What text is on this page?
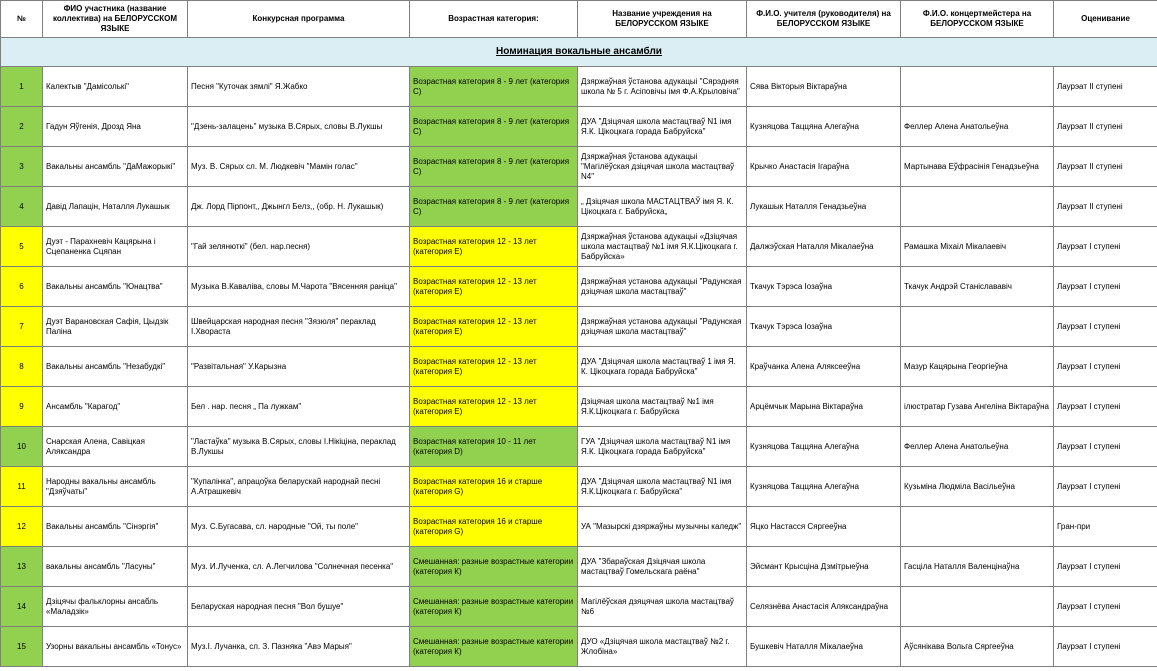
№	ФИО участника (название коллектива) на БЕЛОРУССКОМ ЯЗЫКЕ	Конкурсная программа	Возрастная категория:	Название учреждения на БЕЛОРУССКОМ ЯЗЫКЕ	Ф.И.О. учителя (руководителя) на БЕЛОРУССКОМ ЯЗЫКЕ	Ф.И.О. концертмейстера на БЕЛОРУССКОМ ЯЗЫКЕ	Оценивание
Номинация вокальные ансамбли							
1	Калектыв "Дамісолькі"	Песня "Куточак зямлі" Я.Жабко	Возрастная категория 8 - 9 лет (категория С)	Дзяржаўная ўстанова адукацыі "Сярэдняя школа № 5 г. Асіповічы імя Ф.А.Крыловіча"	Сява Вікторыя Віктараўна		Лаурэат ІІ ступені
2	Гадун Яўгенія, Дрозд Яна	"Дзень-залацень" музыка В.Сярых, словы В.Лукшы	Возрастная категория 8 - 9 лет (категория С)	ДУА "Дзіцячая школа мастацтваў N1 імя Я.К. Цікоцкага горада Бабруйска"	Кузняцова Таццяна Алегаўна	Феллер Алена Анатольеўна	Лаурэат ІІ ступені
3	Вакальны ансамбль "ДаМажорыкі"	Муз. В. Сярых сл. М. Людкевіч "Мамін голас"	Возрастная категория 8 - 9 лет (категория С)	Дзяржаўная ўстанова адукацыі "Магілёўская дзіцячая школа мастацтваў N4"	Крычко Анастасія Ігараўна	Мартынава Еўфрасінія Генадзьеўна	Лаурэат ІІ ступені
4	Давід Лапацін, Наталля Лукашык	Дж. Лорд Пірпонт,, Джынгл Белз,, (обр. Н. Лукашык)	Возрастная категория 8 - 9 лет (категория С)	„ Дзіцячая школа МАСТАЦТВАЎ імя Я. К. Цікоцкага г. Бабруйска„	Лукашык Наталля Генадзьеўна		Лаурэат ІІ ступені
5	Дуэт - Парахневіч Кацярына і Сцепаненка Сцяпан	"Гай зелянюткі" (бел. нар.песня)	Возрастная категория 12 - 13 лет (категория Е)	Дзяржаўная ўстанова адукацыі «Дзіцячая школа мастацтваў №1 імя Я.К.Цікоцкага г. Бабруйска»	Далжэўская Наталля Мікалаеўна	Рамашка Міхаіл Мікалаевіч	Лаурэат І ступені
6	Вакальны ансамбль "Юнацтва"	Музыка В.Каваліва, словы М.Чарота "Вясенняя раніца"	Возрастная категория 12 - 13 лет (категория Е)	Дзяржаўная установа адукацыі "Радунская дзіцячая школа мастацтваў"	Ткачук Тэрэса Іозаўна	Ткачук Андрэй Станіслававіч	Лаурэат І ступені
7	Дуэт Варановская Сафія, Цыдзік Паліна	Швейцарская народная песня "Зязюля" пераклад І.Хвораста	Возрастная категория 12 - 13 лет (категория Е)	Дзяржаўная установа адукацыі "Радунская дзіцячая школа мастацтваў"	Ткачук Тэрэса Іозаўна		Лаурэат І ступені
8	Вакальны ансамбль "Незабудкі"	"Развітальная" У.Карызна	Возрастная категория 12 - 13 лет (категория Е)	ДУА "Дзіцячая школа мастацтваў 1 імя Я. К. Цікоцкага горада Бабруйска"	Краўчанка Алена Аляксееўна	Мазур Кацярына Георгіеўна	Лаурэат І ступені
9	Ансамбль "Карагод"	Бел . нар. песня „ Па лужкам"	Возрастная категория 12 - 13 лет (категория Е)	Дзіцячая школа мастацтваў №1 імя Я.К.Цікоцкага г. Бабруйска	Арцёмчык Марына Віктараўна	ілюстратар Гузава Ангеліна Віктараўна	Лаурэат І ступені
10	Снарская Алена, Савіцкая Аляксандра	"Ластаўка" музыка В.Сярых, словы І.Нікіціна, пераклад В.Лукшы	Возрастная категория 10 - 11 лет (категория D)	ГУА "Дзіцячая школа мастацтваў N1 імя Я.К. Цікоцкага горада Бабруйска"	Кузняцова Таццяна Алегаўна	Феллер Алена Анатольеўна	Лаурэат І ступені
11	Народны вакальны ансамбль "Дзяўчаты"	"Купалінка", апрацоўка беларускай народнай песні А.Атрашкевіч	Возрастная категория 16 и старше (категория G)	ДУА "Дзіцячая школа мастацтваў N1 імя Я.К.Цікоцкага г. Бабруйска"	Кузняцова Таццяна Алегаўна	Кузьміна Людміла Васільеўна	Лаурэат І ступені
12	Вакальны ансамбль "Сінэргія"	Муз. С.Бугасава, сл. народные "Ой, ты поле"	Возрастная категория 16 и старше (категория G)	УА "Мазырскі дзяржаўны музычны каледж"	Яцко Настасся Сяргееўна		Гран-при
13	вакальны ансамбль "Ласуны"	Муз. И.Лученка, сл. А.Легчилова "Солнечная песенка"	Смешанная: разные возрастные категории (категория К)	ДУА "Збараўская Дзіцячая школа мастацтваў Гомельскага раёна"	Эйсмант Крысціна Дзмітрыеўна	Гасціла Наталля Валенцінаўна	Лаурэат І ступені
14	Дзіцячы фальклорны ансабль «Маладзік»	Беларуская народная песня "Вол бушуе"	Смешанная: разные возрастные категории (категория К)	Магілёўская дзяцячая школа мастацтваў №6	Селязнёва Анастасія Аляксандраўна		Лаурэат І ступені
15	Узорны вакальны ансамбль «Тонус»	Муз.І. Лучанка, сл. З. Пазняка "Авэ Марыя"	Смешанная: разные возрастные категории (категория К)	ДУО «Дзіцячая школа мастацтваў №2 г. Жлобіна»	Бушкевіч Наталля Мікалаеўна	Аўсянікава Вольга Сяргееўна	Лаурэат І ступені
